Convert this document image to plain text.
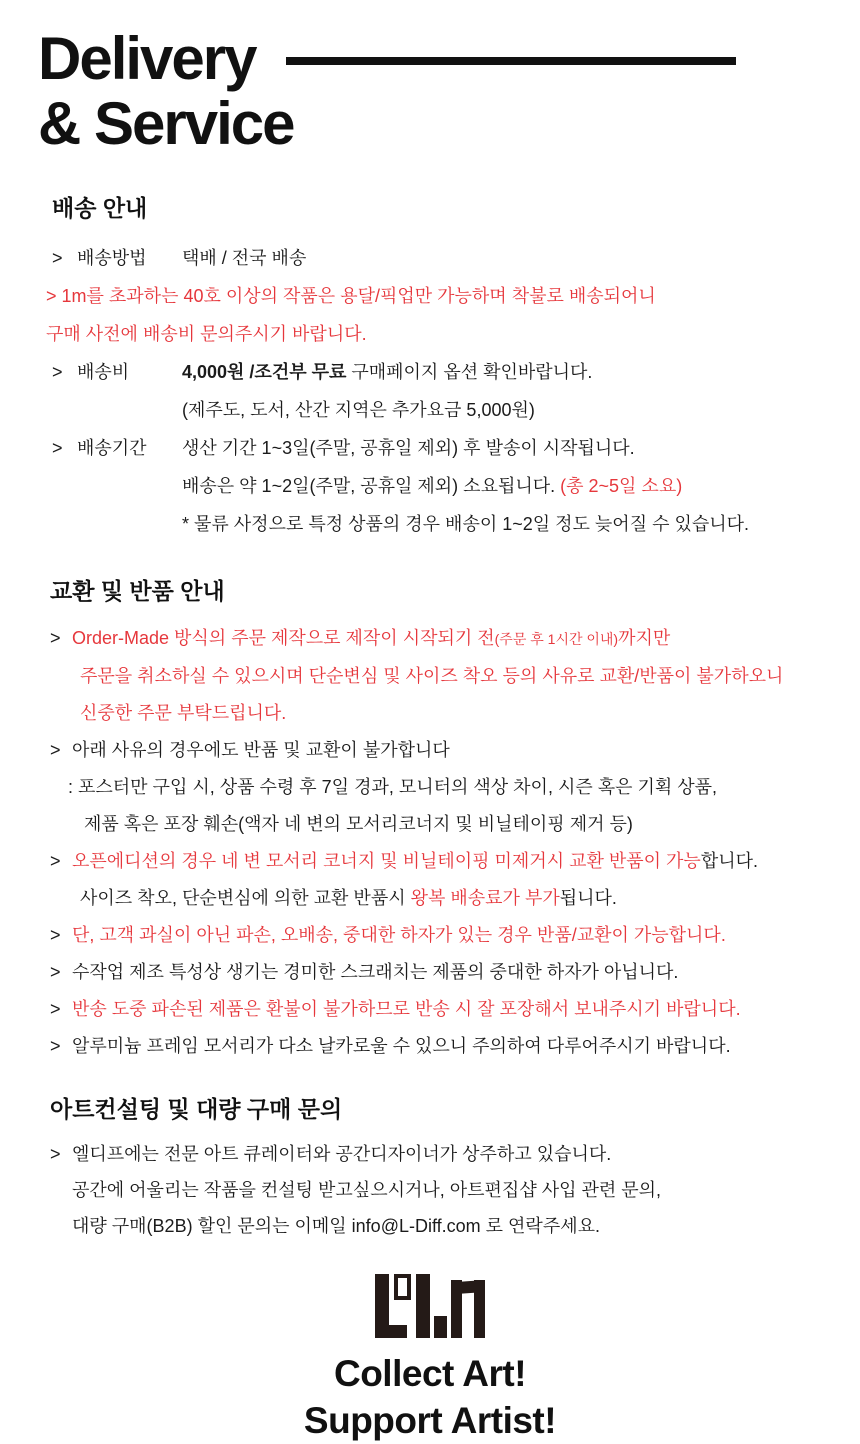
Delivery
& Service
배송 안내
> 배송방법	택배 / 전국 배송
> 1m를 초과하는 40호 이상의 작품은 용달/픽업만 가능하며 착불로 배송되어니
구매 사전에 배송비 문의주시기 바랍니다.
> 배송비	4,000원 /조건부 무료 구매페이지 옵션 확인바랍니다.
(제주도, 도서, 산간 지역은 추가요금 5,000원)
> 배송기간	생산 기간 1~3일(주말, 공휴일 제외) 후 발송이 시작됩니다.
배송은 약 1~2일(주말, 공휴일 제외) 소요됩니다. (총 2~5일 소요)
* 물류 사정으로 특정 상품의 경우 배송이 1~2일 정도 늦어질 수 있습니다.
교환 및 반품 안내
> Order-Made 방식의 주문 제작으로 제작이 시작되기 전(주문 후 1시간 이내)까지만
주문을 취소하실 수 있으시며 단순변심 및 사이즈 착오 등의 사유로 교환/반품이 불가하오니
신중한 주문 부탁드립니다.
> 아래 사유의 경우에도 반품 및 교환이 불가합니다
: 포스터만 구입 시, 상품 수령 후 7일 경과, 모니터의 색상 차이, 시즌 혹은 기획 상품,
제품 혹은 포장 훼손(액자 네 변의 모서리코너지 및 비닐테이핑 제거 등)
> 오픈에디션의 경우 네 변 모서리 코너지 및 비닐테이핑 미제거시 교환 반품이 가능합니다.
사이즈 착오, 단순변심에 의한 교환 반품시 왕복 배송료가 부가됩니다.
> 단, 고객 과실이 아닌 파손, 오배송, 중대한 하자가 있는 경우 반품/교환이 가능합니다.
> 수작업 제조 특성상 생기는 경미한 스크래치는 제품의 중대한 하자가 아닙니다.
> 반송 도중 파손된 제품은 환불이 불가하므로 반송 시 잘 포장해서 보내주시기 바랍니다.
> 알루미늄 프레임 모서리가 다소 날카로울 수 있으니 주의하여 다루어주시기 바랍니다.
아트컨설팅 및 대량 구매 문의
> 엘디프에는 전문 아트 큐레이터와 공간디자이너가 상주하고 있습니다.
공간에 어울리는 작품을 컨설팅 받고싶으시거나, 아트편집샵 사입 관련 문의,
대량 구매(B2B) 할인 문의는 이메일 info@L-Diff.com 로 연락주세요.
Collect Art!
Support Artist!
